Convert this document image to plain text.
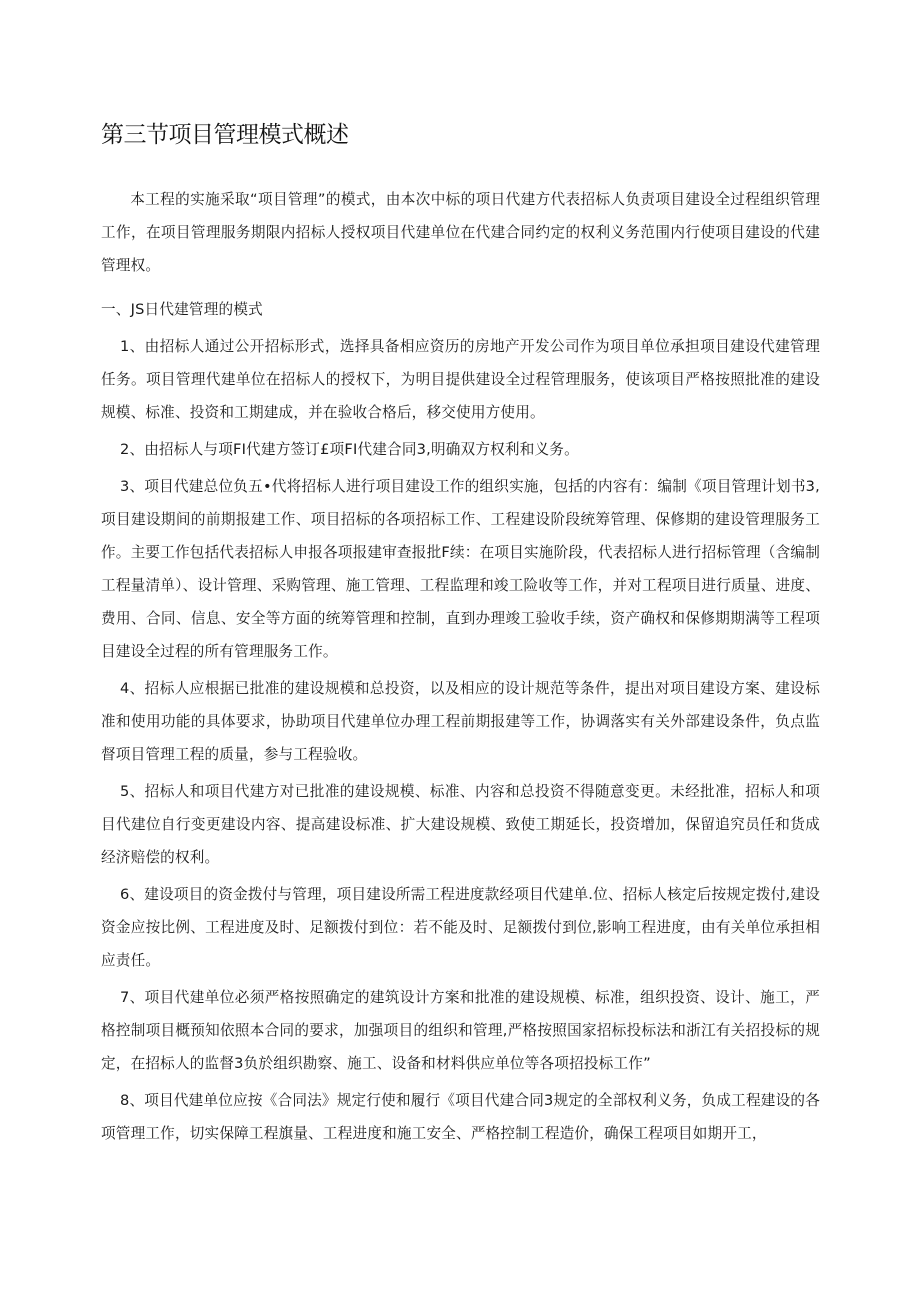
第三节项目管理模式概述

本工程的实施采取“项目管理”的模式，由本次中标的项日代建方代表招标人负责项目建设全过程组织管理工作，在项目管理服务期限内招标人授权项目代建单位在代建合同约定的权利义务范围内行使项目建设的代建管理权。

一、JS日代建管理的模式

1、由招标人通过公开招标形式，选择具备相应资历的房地产开发公司作为项目单位承担项目建设代建管理任务。项目管理代建单位在招标人的授权下，为明目提供建设全过程管理服务，使该项目严格按照批准的建设规模、标准、投资和工期建成，并在验收合格后，移交使用方使用。

2、由招标人与项FI代建方签订£项FI代建合同3,明确双方权利和义务。

3、项目代建总位负五•代将招标人进行项目建设工作的组织实施，包括的内容有：编制《项目管理计划书3,项目建设期间的前期报建工作、项目招标的各项招标工作、工程建设阶段统筹管理、保修期的建设管理服务工作。主要工作包括代表招标人申报各项报建审查报批F续：在项目实施阶段，代表招标人进行招标管理（含编制工程量清单）、设计管理、采购管理、施工管理、工程监理和竣工险收等工作，并对工程项目进行质量、进度、费用、合同、信息、安全等方面的统筹管理和控制，直到办理竣工验收手续，资产确权和保修期期满等工程项目建设全过程的所有管理服务工作。

4、招标人应根据已批准的建设规模和总投资，以及相应的设计规范等条件，提出对项目建设方案、建设标准和使用功能的具体要求，协助项目代建单位办理工程前期报建等工作，协调落实有关外部建设条件，负点监督项目管理工程的质量，参与工程验收。

5、招标人和项目代建方对已批准的建设规模、标准、内容和总投资不得随意变更。未经批准，招标人和项目代建位自行变更建设内容、提高建设标准、扩大建设规模、致使工期延长，投资增加，保留追究员任和货成经济赔偿的权利。

6、建设项目的资金拨付与管理，项目建设所需工程进度款经项目代建单.位、招标人核定后按规定拨付,建设资金应按比例、工程进度及时、足额拨付到位：若不能及时、足额拨付到位,影响工程进度，由有关单位承担相应责任。

7、项目代建单位必须严格按照确定的建筑设计方案和批准的建设规模、标准，组织投资、设计、施工，严格控制项目概预知依照本合同的要求，加强项目的组织和管理,严格按照国家招标投标法和浙江有关招投标的规定，在招标人的监督3负於组织勘察、施工、设备和材料供应单位等各项招投标工作”

8、项目代建单位应按《合同法》规定行使和履行《项目代建合同3规定的全部权利义务，负成工程建设的各项管理工作，切实保障工程旗量、工程进度和施工安全、严格控制工程造价，确保工程项目如期开工，
